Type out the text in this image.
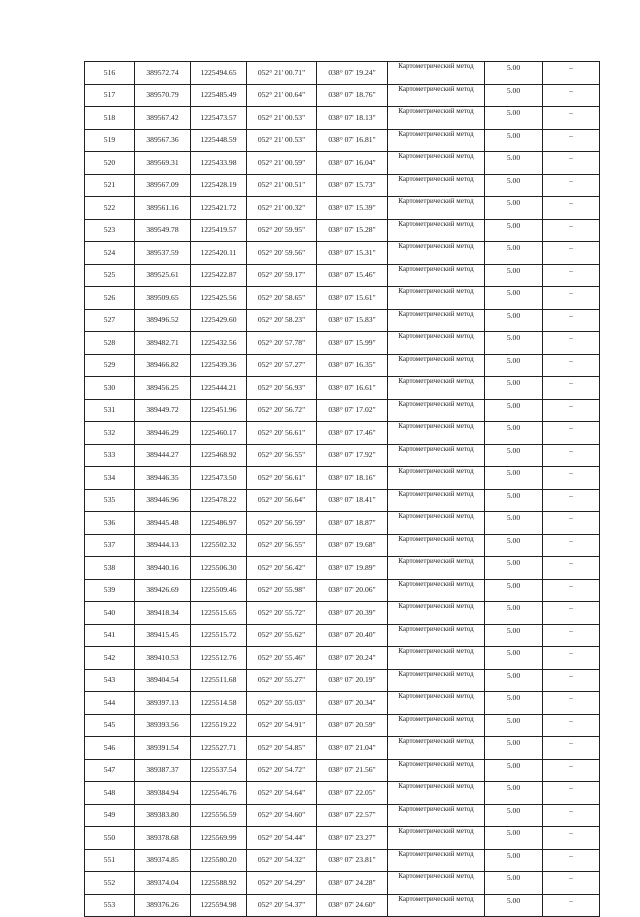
516	389572.74	1225494.65	052° 21' 00.71"	038° 07' 19.24"	Картометрический метод	5.00	–
517	389570.79	1225485.49	052° 21' 00.64"	038° 07' 18.76"	Картометрический метод	5.00	–
518	389567.42	1225473.57	052° 21' 00.53"	038° 07' 18.13"	Картометрический метод	5.00	–
519	389567.36	1225448.59	052° 21' 00.53"	038° 07' 16.81"	Картометрический метод	5.00	–
520	389569.31	1225433.98	052° 21' 00.59"	038° 07' 16.04"	Картометрический метод	5.00	–
521	389567.09	1225428.19	052° 21' 00.51"	038° 07' 15.73"	Картометрический метод	5.00	–
522	389561.16	1225421.72	052° 21' 00.32"	038° 07' 15.39"	Картометрический метод	5.00	–
523	389549.78	1225419.57	052° 20' 59.95"	038° 07' 15.28"	Картометрический метод	5.00	–
524	389537.59	1225420.11	052° 20' 59.56"	038° 07' 15.31"	Картометрический метод	5.00	–
525	389525.61	1225422.87	052° 20' 59.17"	038° 07' 15.46"	Картометрический метод	5.00	–
526	389509.65	1225425.56	052° 20' 58.65"	038° 07' 15.61"	Картометрический метод	5.00	–
527	389496.52	1225429.60	052° 20' 58.23"	038° 07' 15.83"	Картометрический метод	5.00	–
528	389482.71	1225432.56	052° 20' 57.78"	038° 07' 15.99"	Картометрический метод	5.00	–
529	389466.82	1225439.36	052° 20' 57.27"	038° 07' 16.35"	Картометрический метод	5.00	–
530	389456.25	1225444.21	052° 20' 56.93"	038° 07' 16.61"	Картометрический метод	5.00	–
531	389449.72	1225451.96	052° 20' 56.72"	038° 07' 17.02"	Картометрический метод	5.00	–
532	389446.29	1225460.17	052° 20' 56.61"	038° 07' 17.46"	Картометрический метод	5.00	–
533	389444.27	1225468.92	052° 20' 56.55"	038° 07' 17.92"	Картометрический метод	5.00	–
534	389446.35	1225473.50	052° 20' 56.61"	038° 07' 18.16"	Картометрический метод	5.00	–
535	389446.96	1225478.22	052° 20' 56.64"	038° 07' 18.41"	Картометрический метод	5.00	–
536	389445.48	1225486.97	052° 20' 56.59"	038° 07' 18.87"	Картометрический метод	5.00	–
537	389444.13	1225502.32	052° 20' 56.55"	038° 07' 19.68"	Картометрический метод	5.00	–
538	389440.16	1225506.30	052° 20' 56.42"	038° 07' 19.89"	Картометрический метод	5.00	–
539	389426.69	1225509.46	052° 20' 55.98"	038° 07' 20.06"	Картометрический метод	5.00	–
540	389418.34	1225515.65	052° 20' 55.72"	038° 07' 20.39"	Картометрический метод	5.00	–
541	389415.45	1225515.72	052° 20' 55.62"	038° 07' 20.40"	Картометрический метод	5.00	–
542	389410.53	1225512.76	052° 20' 55.46"	038° 07' 20.24"	Картометрический метод	5.00	–
543	389404.54	1225511.68	052° 20' 55.27"	038° 07' 20.19"	Картометрический метод	5.00	–
544	389397.13	1225514.58	052° 20' 55.03"	038° 07' 20.34"	Картометрический метод	5.00	–
545	389393.56	1225519.22	052° 20' 54.91"	038° 07' 20.59"	Картометрический метод	5.00	–
546	389391.54	1225527.71	052° 20' 54.85"	038° 07' 21.04"	Картометрический метод	5.00	–
547	389387.37	1225537.54	052° 20' 54.72"	038° 07' 21.56"	Картометрический метод	5.00	–
548	389384.94	1225546.76	052° 20' 54.64"	038° 07' 22.05"	Картометрический метод	5.00	–
549	389383.80	1225556.59	052° 20' 54.60"	038° 07' 22.57"	Картометрический метод	5.00	–
550	389378.68	1225569.99	052° 20' 54.44"	038° 07' 23.27"	Картометрический метод	5.00	–
551	389374.85	1225580.20	052° 20' 54.32"	038° 07' 23.81"	Картометрический метод	5.00	–
552	389374.04	1225588.92	052° 20' 54.29"	038° 07' 24.28"	Картометрический метод	5.00	–
553	389376.26	1225594.98	052° 20' 54.37"	038° 07' 24.60"	Картометрический метод	5.00	–
